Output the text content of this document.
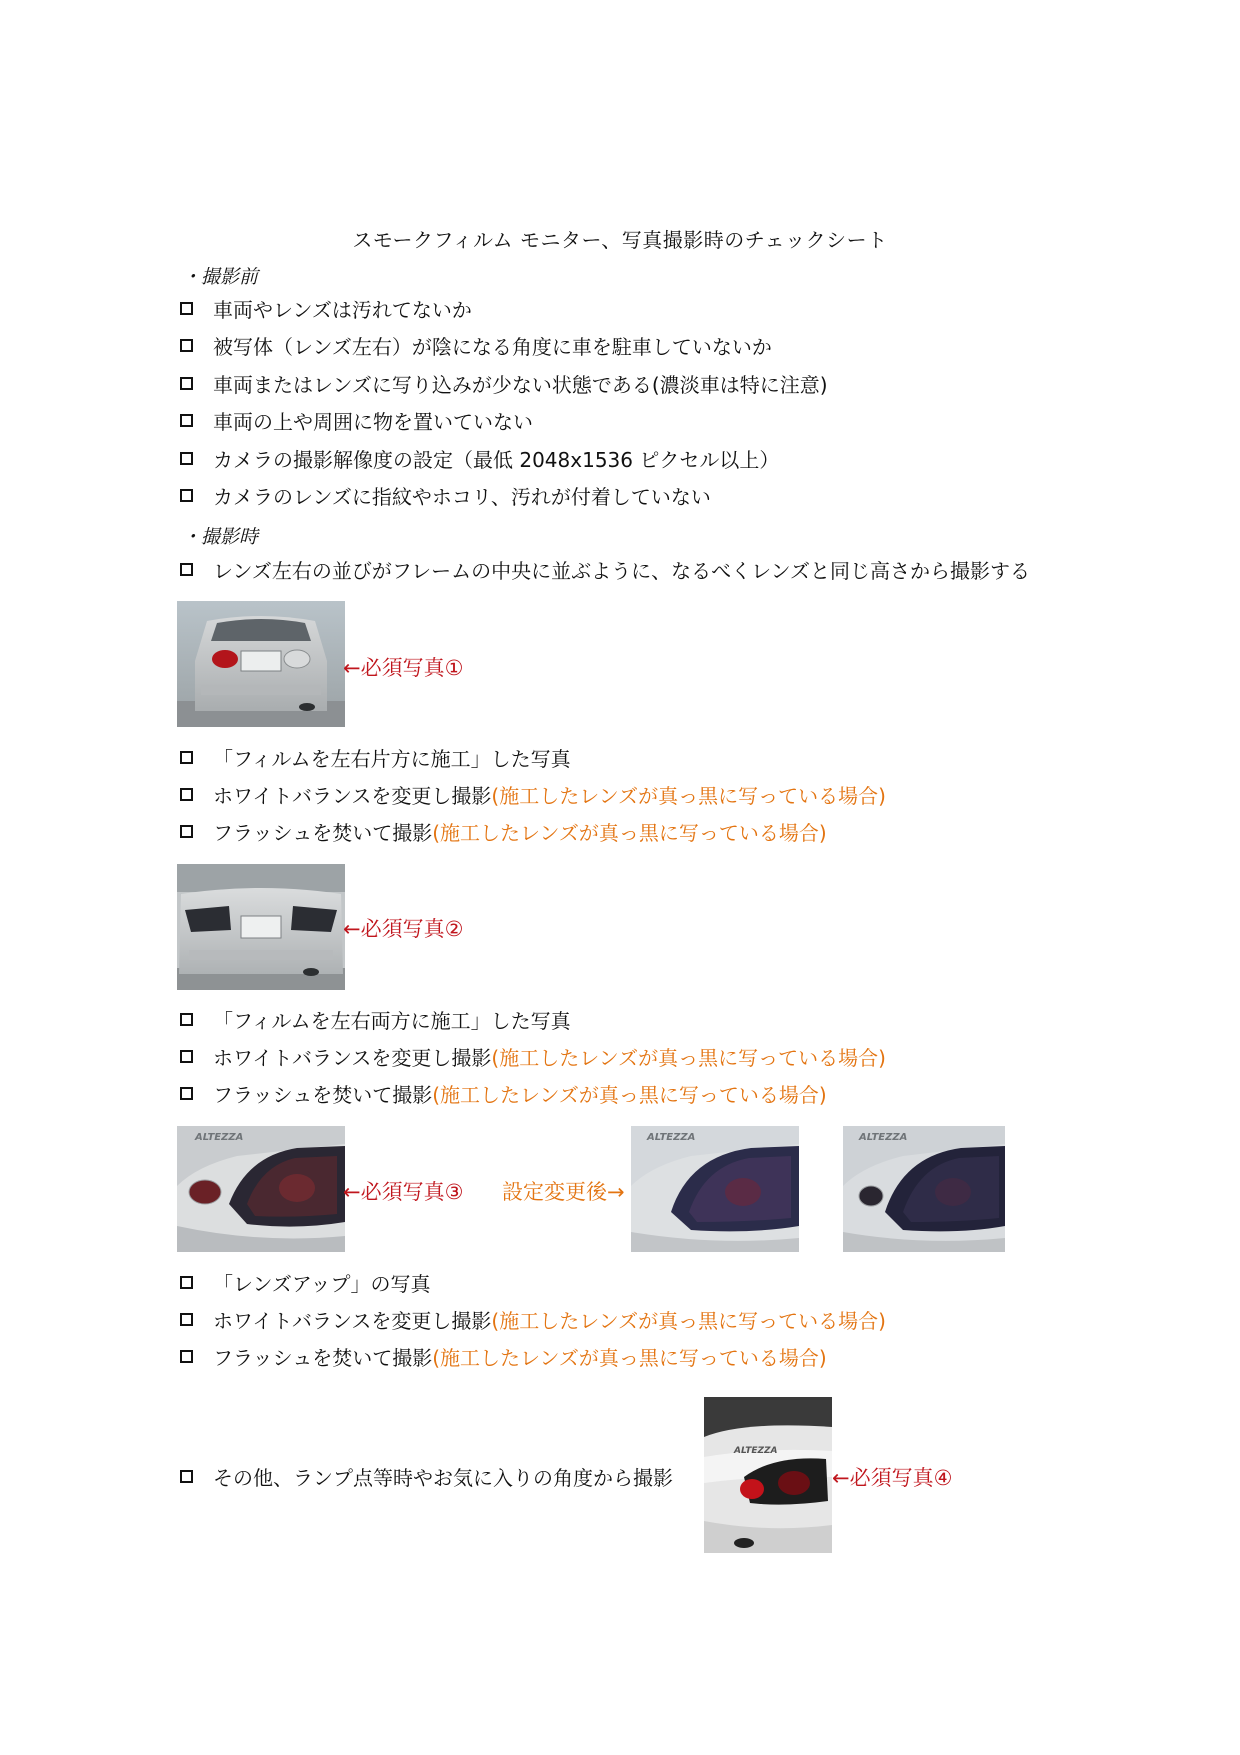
スモークフィルム モニター、写真撮影時のチェックシート
・撮影前
車両やレンズは汚れてないか
被写体（レンズ左右）が陰になる角度に車を駐車していないか
車両またはレンズに写り込みが少ない状態である(濃淡車は特に注意)
車両の上や周囲に物を置いていない
カメラの撮影解像度の設定（最低 2048x1536 ピクセル以上）
カメラのレンズに指紋やホコリ、汚れが付着していない
・撮影時
レンズ左右の並びがフレームの中央に並ぶように、なるべくレンズと同じ高さから撮影する
←必須写真①
「フィルムを左右片方に施工」した写真
ホワイトバランスを変更し撮影 (施工したレンズが真っ黒に写っている場合)
フラッシュを焚いて撮影 (施工したレンズが真っ黒に写っている場合)
←必須写真②
「フィルムを左右両方に施工」した写真
ホワイトバランスを変更し撮影 (施工したレンズが真っ黒に写っている場合)
フラッシュを焚いて撮影 (施工したレンズが真っ黒に写っている場合)
ALTEZZA
←必須写真③ 設定変更後→
ALTEZZA	ALTEZZA
「レンズアップ」の写真
ホワイトバランスを変更し撮影 (施工したレンズが真っ黒に写っている場合)
フラッシュを焚いて撮影 (施工したレンズが真っ黒に写っている場合)
その他、ランプ点等時やお気に入りの角度から撮影
ALTEZZA
←必須写真④
